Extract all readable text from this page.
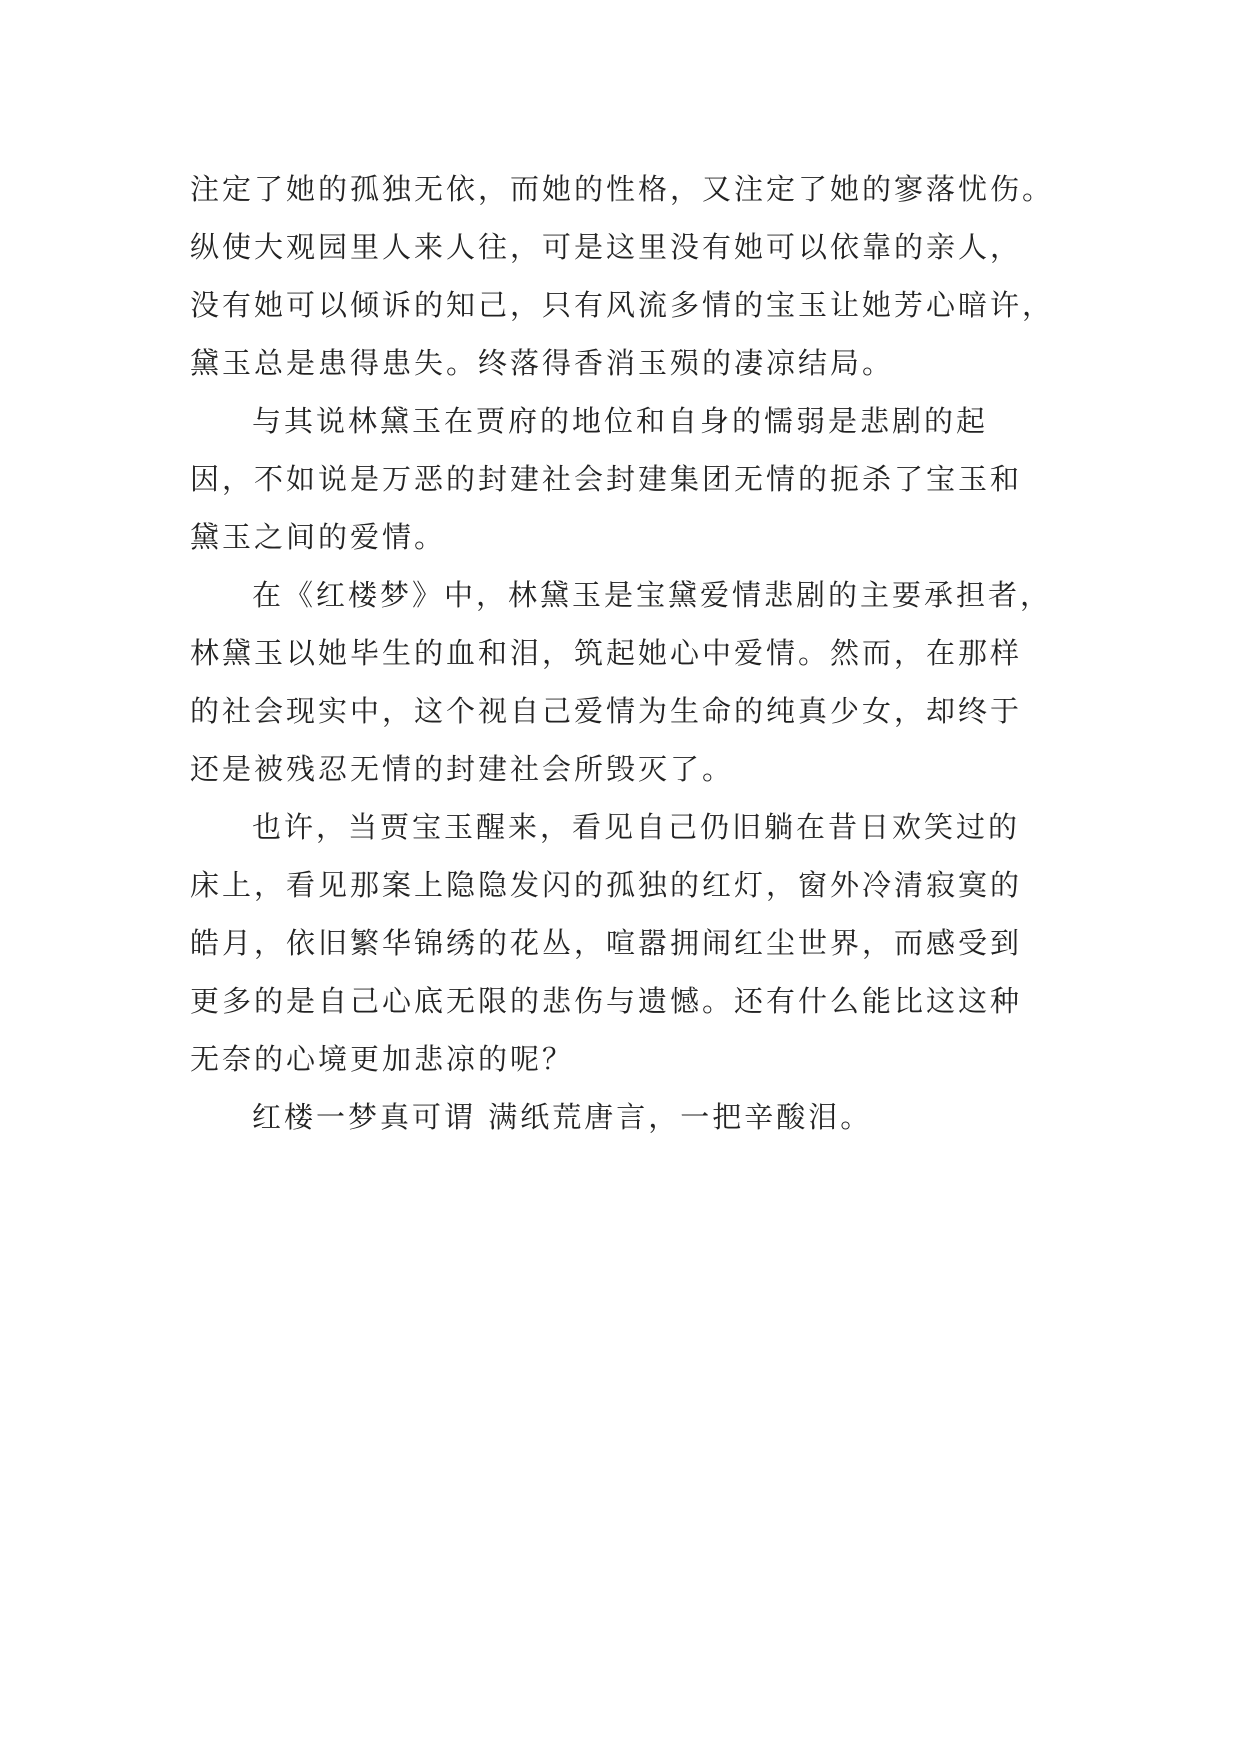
注定了她的孤独无依，而她的性格，又注定了她的寥落忧伤。
纵使大观园里人来人往，可是这里没有她可以依靠的亲人，
没有她可以倾诉的知己，只有风流多情的宝玉让她芳心暗许，
黛玉总是患得患失。终落得香消玉殒的凄凉结局。
与其说林黛玉在贾府的地位和自身的懦弱是悲剧的起
因，不如说是万恶的封建社会封建集团无情的扼杀了宝玉和
黛玉之间的爱情。
在《红楼梦》中，林黛玉是宝黛爱情悲剧的主要承担者，
林黛玉以她毕生的血和泪，筑起她心中爱情。然而，在那样
的社会现实中，这个视自己爱情为生命的纯真少女，却终于
还是被残忍无情的封建社会所毁灭了。
也许，当贾宝玉醒来，看见自己仍旧躺在昔日欢笑过的
床上，看见那案上隐隐发闪的孤独的红灯，窗外冷清寂寞的
皓月，依旧繁华锦绣的花丛，喧嚣拥闹红尘世界，而感受到
更多的是自己心底无限的悲伤与遗憾。还有什么能比这这种
无奈的心境更加悲凉的呢？
红楼一梦真可谓 满纸荒唐言，一把辛酸泪。
